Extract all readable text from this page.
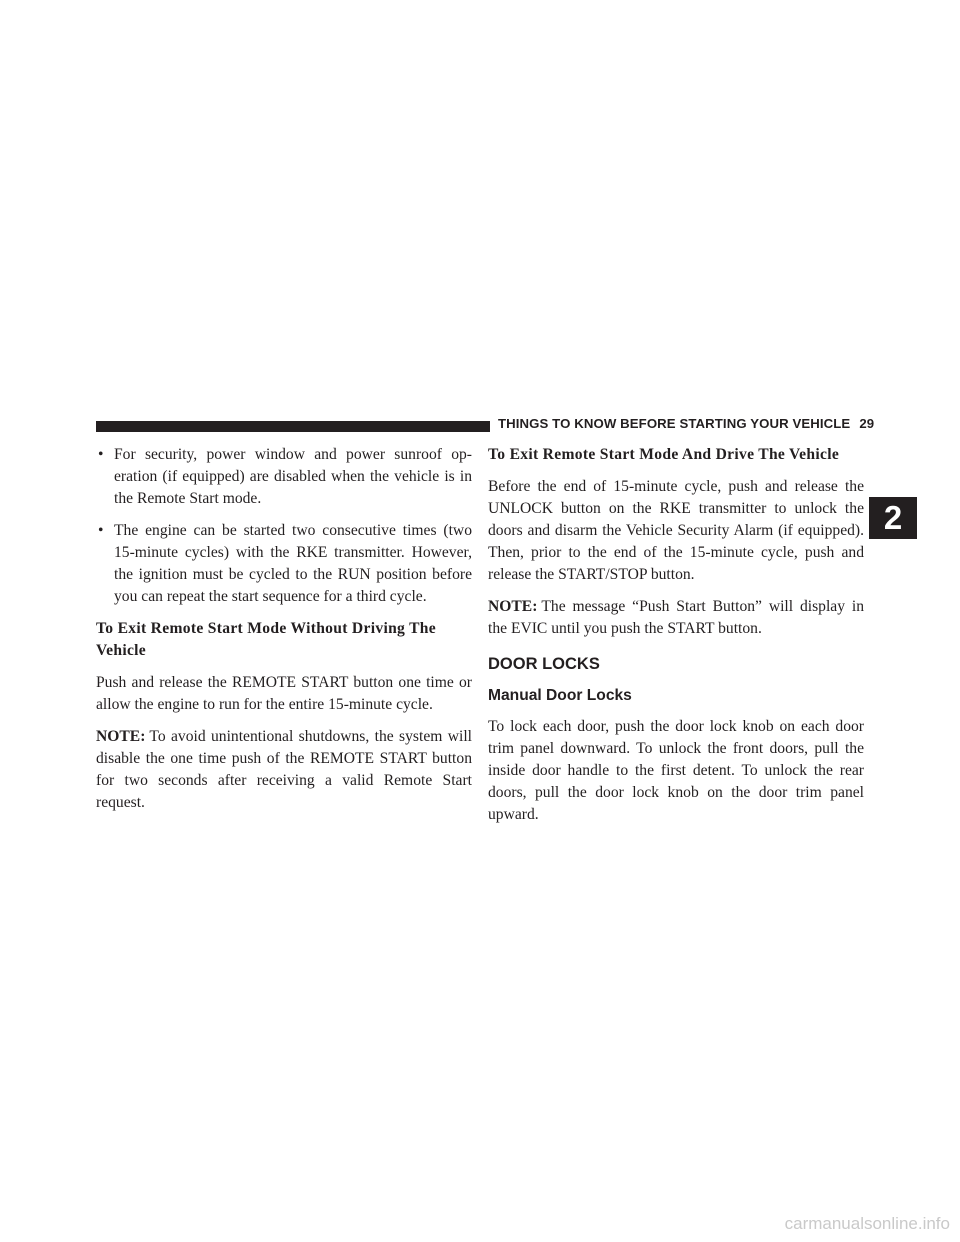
THINGS TO KNOW BEFORE STARTING YOUR VEHICLE 29
2

• For security, power window and power sunroof op-eration (if equipped) are disabled when the vehicle is in the Remote Start mode.

• The engine can be started two consecutive times (two 15-minute cycles) with the RKE transmitter. However, the ignition must be cycled to the RUN position before you can repeat the start sequence for a third cycle.

To Exit Remote Start Mode Without Driving The Vehicle

Push and release the REMOTE START button one time or allow the engine to run for the entire 15-minute cycle.

NOTE: To avoid unintentional shutdowns, the system will disable the one time push of the REMOTE START button for two seconds after receiving a valid Remote Start request.

To Exit Remote Start Mode And Drive The Vehicle

Before the end of 15-minute cycle, push and release the UNLOCK button on the RKE transmitter to unlock the doors and disarm the Vehicle Security Alarm (if equipped). Then, prior to the end of the 15-minute cycle, push and release the START/STOP button.

NOTE: The message “Push Start Button” will display in the EVIC until you push the START button.

DOOR LOCKS
Manual Door Locks

To lock each door, push the door lock knob on each door trim panel downward. To unlock the front doors, pull the inside door handle to the first detent. To unlock the rear doors, pull the door lock knob on the door trim panel upward.

carmanualsonline.info
